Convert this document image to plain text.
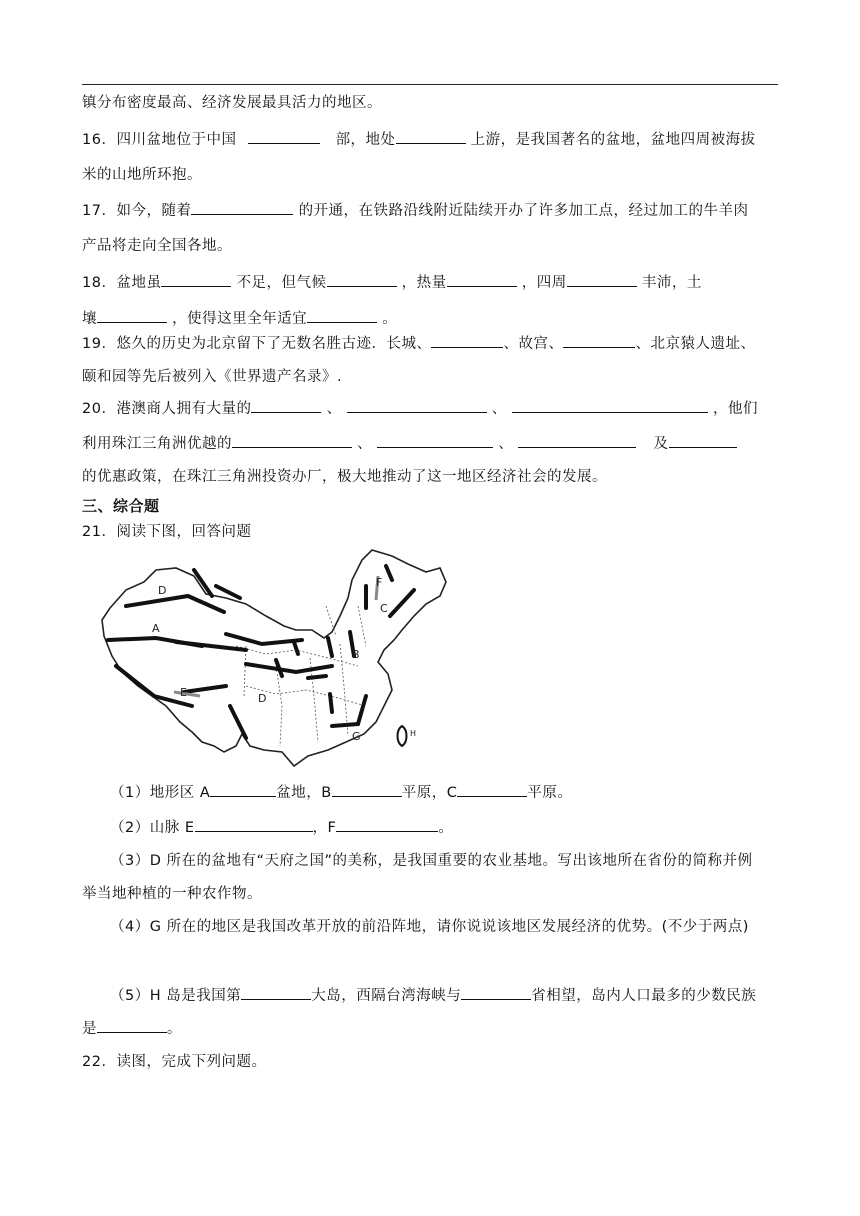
镇分布密度最高、经济发展最具活力的地区。
16．四川盆地位于中国	部，地处	上游，是我国著名的盆地，盆地四周被海拔
米的山地所环抱。
17．如今，随着	的开通，在铁路沿线附近陆续开办了许多加工点，经过加工的牛羊肉
产品将走向全国各地。
18．盆地虽	不足，但气候	，热量	，四周	丰沛，土
壤	，使得这里全年适宜	。
19．悠久的历史为北京留下了无数名胜古迹．长城、	、故宫、	、北京猿人遗址、
颐和园等先后被列入《世界遗产名录》.
20．港澳商人拥有大量的	、	、	，他们
利用珠江三角洲优越的	、	、	及
的优惠政策，在珠江三角洲投资办厂，极大地推动了这一地区经济社会的发展。
三、综合题
21．阅读下图，回答问题
D
A
E	D
B
C
F
G	H
（1）地形区 A	盆地，B	平原，C	平原。
（2）山脉 E	，F	。
（3）D 所在的盆地有“天府之国”的美称，是我国重要的农业基地。写出该地所在省份的简称并例
举当地种植的一种农作物。
（4）G 所在的地区是我国改革开放的前沿阵地，请你说说该地区发展经济的优势。(不少于两点)
（5）H 岛是我国第	大岛，西隔台湾海峡与	省相望，岛内人口最多的少数民族
是	。
22．读图，完成下列问题。
